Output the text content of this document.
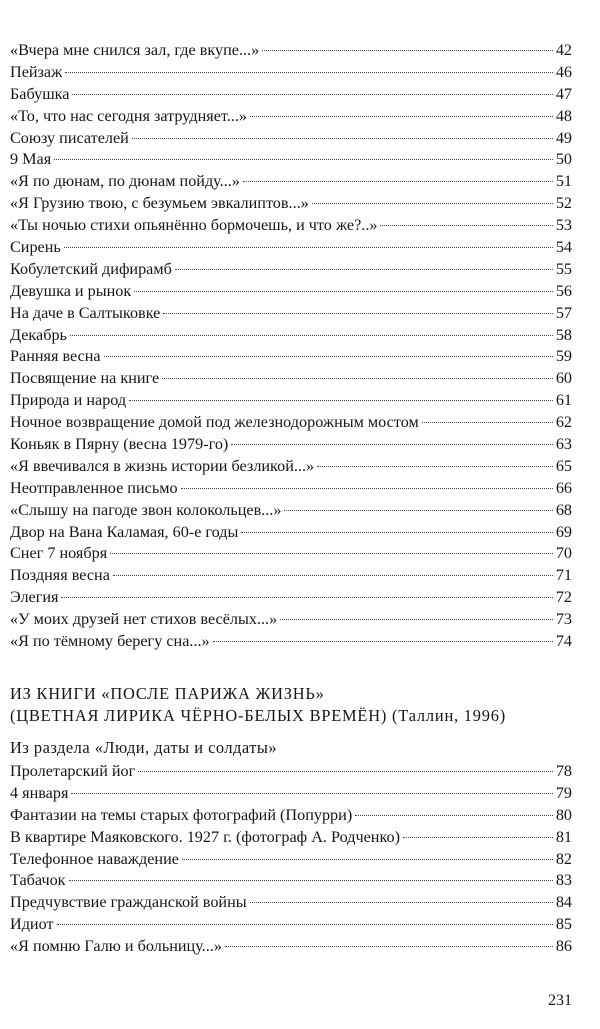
«Вчера мне снился зал, где вкупе...»	42
Пейзаж	46
Бабушка	47
«То, что нас сегодня затрудняет...»	48
Союзу писателей	49
9 Мая	50
«Я по дюнам, по дюнам пойду...»	51
«Я Грузию твою, с безумьем эвкалиптов...»	52
«Ты ночью стихи опьянённо бормочешь, и что же?..»	53
Сирень	54
Кобулетский дифирамб	55
Девушка и рынок	56
На даче в Салтыковке	57
Декабрь	58
Ранняя весна	59
Посвящение на книге	60
Природа и народ	61
Ночное возвращение домой под железнодорожным мостом	62
Коньяк в Пярну (весна 1979-го)	63
«Я ввечивался в жизнь истории безликой...»	65
Неотправленное письмо	66
«Слышу на пагоде звон колокольцев...»	68
Двор на Вана Каламая, 60-е годы	69
Снег 7 ноября	70
Поздняя весна	71
Элегия	72
«У моих друзей нет стихов весёлых...»	73
«Я по тёмному берегу сна...»	74
ИЗ КНИГИ «ПОСЛЕ ПАРИЖА ЖИЗНЬ»
(ЦВЕТНАЯ ЛИРИКА ЧЁРНО-БЕЛЫХ ВРЕМЁН) (Таллин, 1996)
Из раздела «Люди, даты и солдаты»
Пролетарский йог	78
4 января	79
Фантазии на темы старых фотографий (Попурри)	80
В квартире Маяковского. 1927 г. (фотограф А. Родченко)	81
Телефонное наваждение	82
Табачок	83
Предчувствие гражданской войны	84
Идиот	85
«Я помню Галю и больницу...»	86
231
